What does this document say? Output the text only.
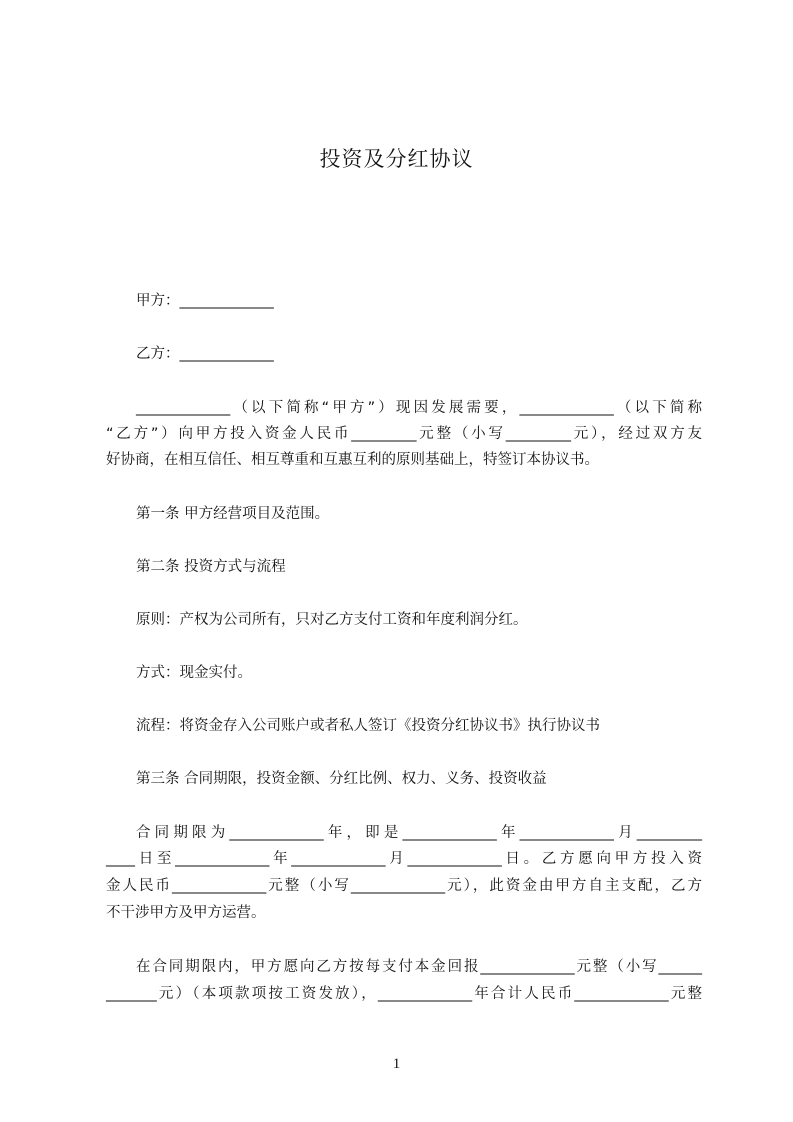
投资及分红协议
甲方：_____________
乙方：_____________
_____________（以下简称“甲方”）现因发展需要，_____________（以下简称
“乙方”）向甲方投入资金人民币_________元整（小写_________元），经过双方友
好协商，在相互信任、相互尊重和互惠互利的原则基础上，特签订本协议书。
第一条 甲方经营项目及范围。
第二条 投资方式与流程
原则：产权为公司所有，只对乙方支付工资和年度利润分红。
方式：现金实付。
流程：将资金存入公司账户或者私人签订《投资分红协议书》执行协议书
第三条 合同期限，投资金额、分红比例、权力、义务、投资收益
合同期限为_____________年，即是_____________年_____________月_________
____日至_____________年_____________月_____________日。乙方愿向甲方投入资
金人民币_____________元整（小写_____________元），此资金由甲方自主支配，乙方
不干涉甲方及甲方运营。
在合同期限内，甲方愿向乙方按每支付本金回报_____________元整（小写______
_______元）（本项款项按工资发放），_____________年合计人民币_____________元整
1
